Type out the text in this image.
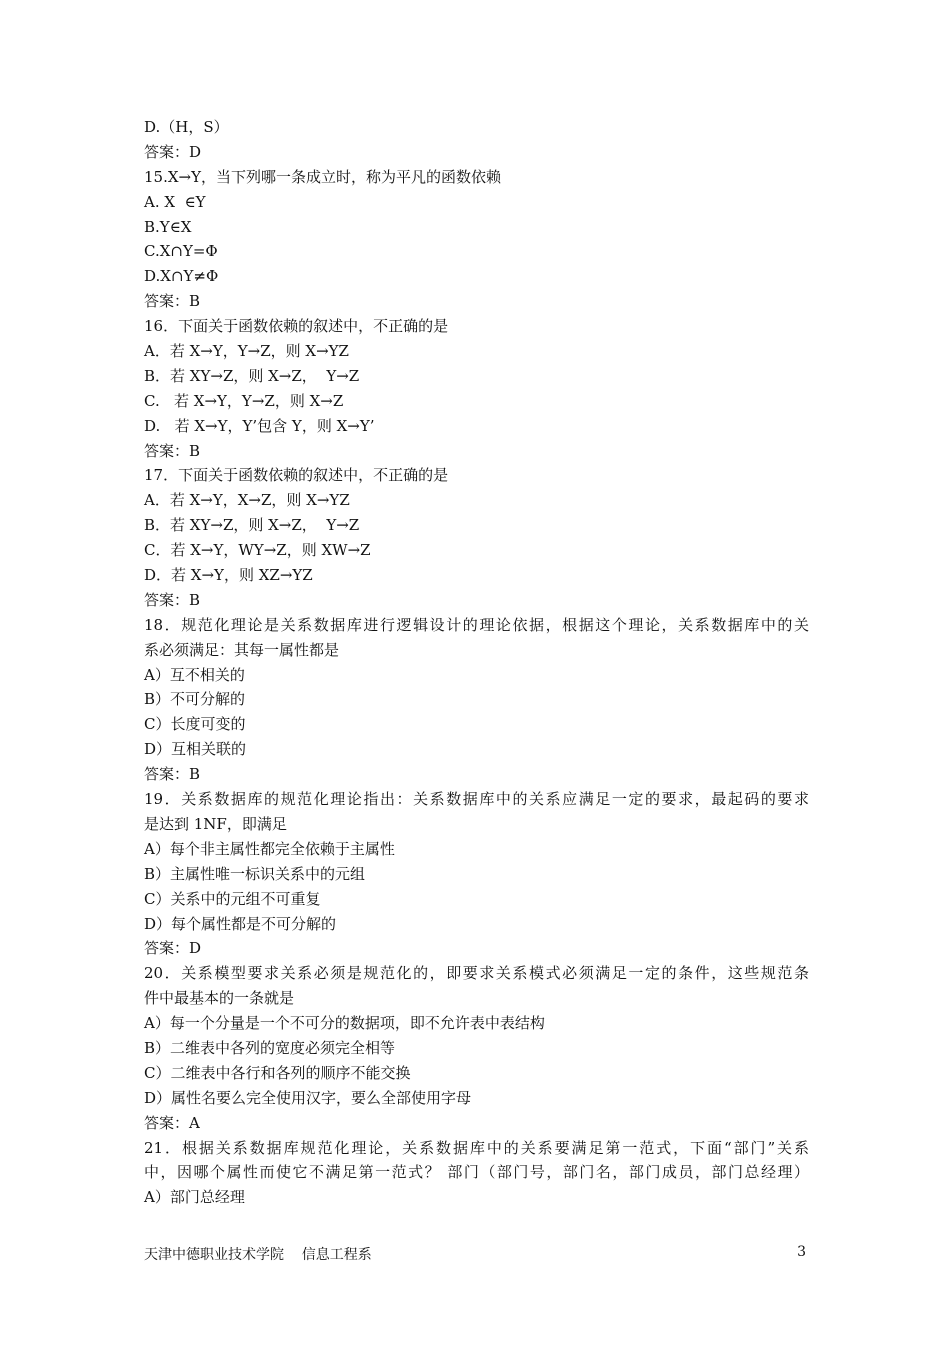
D.（H，S）
答案：D
15.X→Y，当下列哪一条成立时，称为平凡的函数依赖
A. X  ∈Y
B.Y∈X
C.X∩Y=Φ
D.X∩Y≠Φ
答案：B
16．下面关于函数依赖的叙述中，不正确的是
A．若 X→Y，Y→Z，则 X→YZ
B．若 XY→Z，则 X→Z，  Y→Z
C.   若 X→Y，Y→Z，则 X→Z
D.   若 X→Y，Y’包含 Y，则 X→Y’
答案：B
17．下面关于函数依赖的叙述中，不正确的是
A．若 X→Y，X→Z，则 X→YZ
B．若 XY→Z，则 X→Z，  Y→Z
C．若 X→Y，WY→Z，则 XW→Z
D．若 X→Y，则 XZ→YZ
答案：B
18．规范化理论是关系数据库进行逻辑设计的理论依据，根据这个理论，关系数据库中的关
系必须满足：其每一属性都是
A）互不相关的
B）不可分解的
C）长度可变的
D）互相关联的
答案：B
19．关系数据库的规范化理论指出：关系数据库中的关系应满足一定的要求，最起码的要求
是达到 1NF，即满足
A）每个非主属性都完全依赖于主属性
B）主属性唯一标识关系中的元组
C）关系中的元组不可重复
D）每个属性都是不可分解的
答案：D
20．关系模型要求关系必须是规范化的，即要求关系模式必须满足一定的条件，这些规范条
件中最基本的一条就是
A）每一个分量是一个不可分的数据项，即不允许表中表结构
B）二维表中各列的宽度必须完全相等
C）二维表中各行和各列的顺序不能交换
D）属性名要么完全使用汉字，要么全部使用字母
答案：A
21．根据关系数据库规范化理论，关系数据库中的关系要满足第一范式，下面“部门”关系
中，因哪个属性而使它不满足第一范式？ 部门（部门号，部门名，部门成员，部门总经理）
A）部门总经理
天津中德职业技术学院    信息工程系	3
